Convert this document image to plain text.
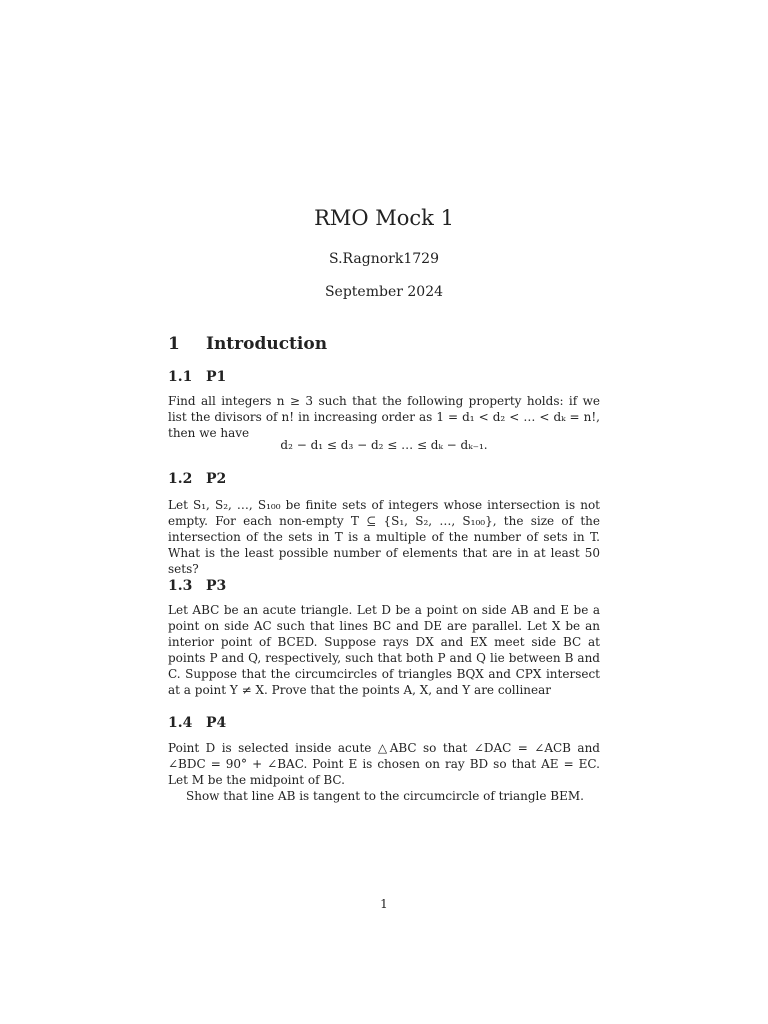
RMO Mock 1
S.Ragnork1729
September 2024
1 Introduction
1.1 P1
Find all integers n ≥ 3 such that the following property holds: if we list the divisors of n! in increasing order as 1 = d₁ < d₂ < … < dₖ = n!, then we have
d₂ − d₁ ≤ d₃ − d₂ ≤ … ≤ dₖ − dₖ₋₁.
1.2 P2
Let S₁, S₂, …, S₁₀₀ be finite sets of integers whose intersection is not empty. For each non-empty T ⊆ {S₁, S₂, …, S₁₀₀}, the size of the intersection of the sets in T is a multiple of the number of sets in T. What is the least possible number of elements that are in at least 50 sets?
1.3 P3
Let ABC be an acute triangle. Let D be a point on side AB and E be a point on side AC such that lines BC and DE are parallel. Let X be an interior point of BCED. Suppose rays DX and EX meet side BC at points P and Q, respectively, such that both P and Q lie between B and C. Suppose that the circumcircles of triangles BQX and CPX intersect at a point Y ≠ X. Prove that the points A, X, and Y are collinear
1.4 P4
Point D is selected inside acute △ABC so that ∠DAC = ∠ACB and ∠BDC = 90° + ∠BAC. Point E is chosen on ray BD so that AE = EC. Let M be the midpoint of BC.
Show that line AB is tangent to the circumcircle of triangle BEM.
1
